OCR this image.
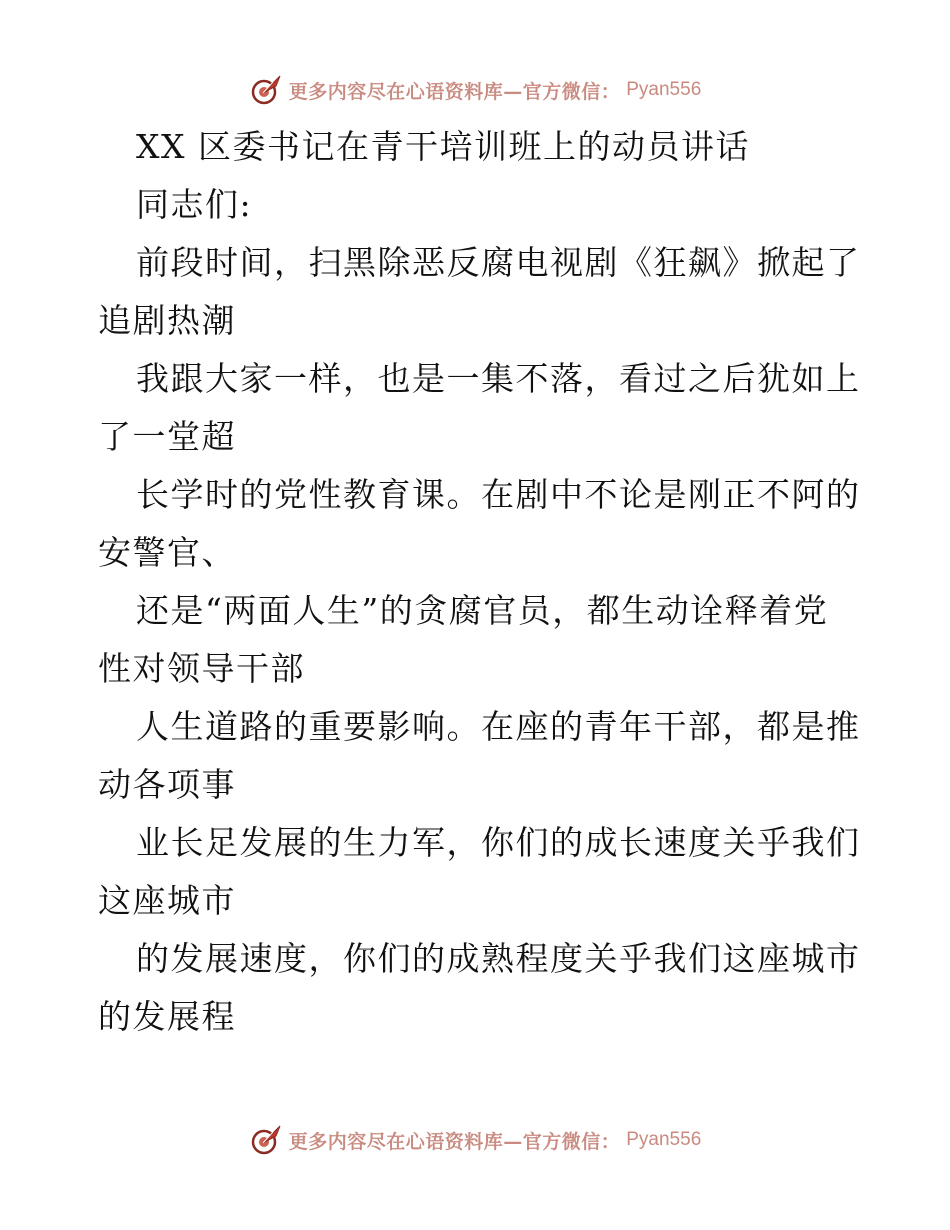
更多内容尽在心语资料库—官方微信： Pyan556
XX 区委书记在青干培训班上的动员讲话
同志们:
前段时间，扫黑除恶反腐电视剧《狂飙》掀起了
追剧热潮
我跟大家一样，也是一集不落，看过之后犹如上
了一堂超
长学时的党性教育课。在剧中不论是刚正不阿的
安警官、
还是“两面人生”的贪腐官员，都生动诠释着党
性对领导干部
人生道路的重要影响。在座的青年干部，都是推
动各项事
业长足发展的生力军，你们的成长速度关乎我们
这座城市
的发展速度，你们的成熟程度关乎我们这座城市
的发展程
更多内容尽在心语资料库—官方微信： Pyan556
